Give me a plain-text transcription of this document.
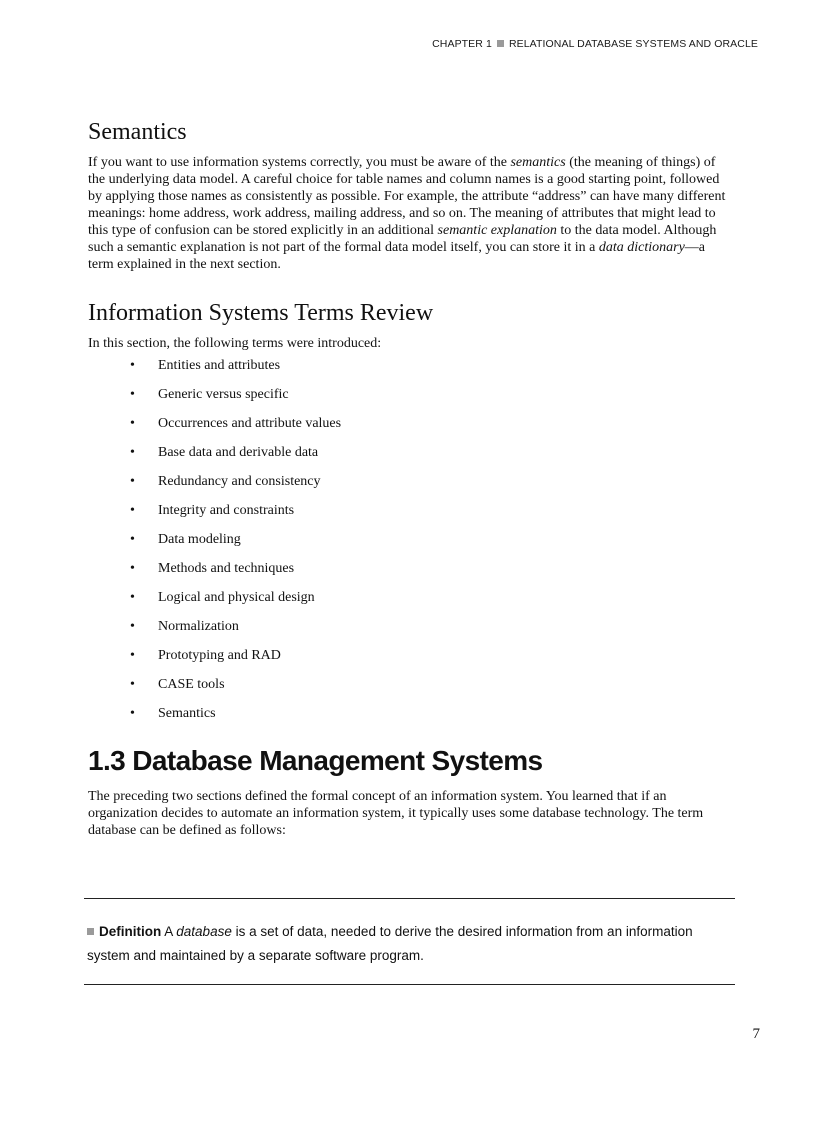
CHAPTER 1 RELATIONAL DATABASE SYSTEMS AND ORACLE
Semantics

If you want to use information systems correctly, you must be aware of the semantics (the meaning of things) of the underlying data model. A careful choice for table names and column names is a good starting point, followed by applying those names as consistently as possible. For example, the attribute “address” can have many different meanings: home address, work address, mailing address, and so on. The meaning of attributes that might lead to this type of confusion can be stored explicitly in an additional semantic explanation to the data model. Although such a semantic explanation is not part of the formal data model itself, you can store it in a data dictionary—a term explained in the next section.

Information Systems Terms Review

In this section, the following terms were introduced:

• Entities and attributes
• Generic versus specific
• Occurrences and attribute values
• Base data and derivable data
• Redundancy and consistency
• Integrity and constraints
• Data modeling
• Methods and techniques
• Logical and physical design
• Normalization
• Prototyping and RAD
• CASE tools
• Semantics
1.3 Database Management Systems

The preceding two sections defined the formal concept of an information system. You learned that if an organization decides to automate an information system, it typically uses some database technology. The term database can be defined as follows:

Definition A database is a set of data, needed to derive the desired information from an information system and maintained by a separate software program.
7
